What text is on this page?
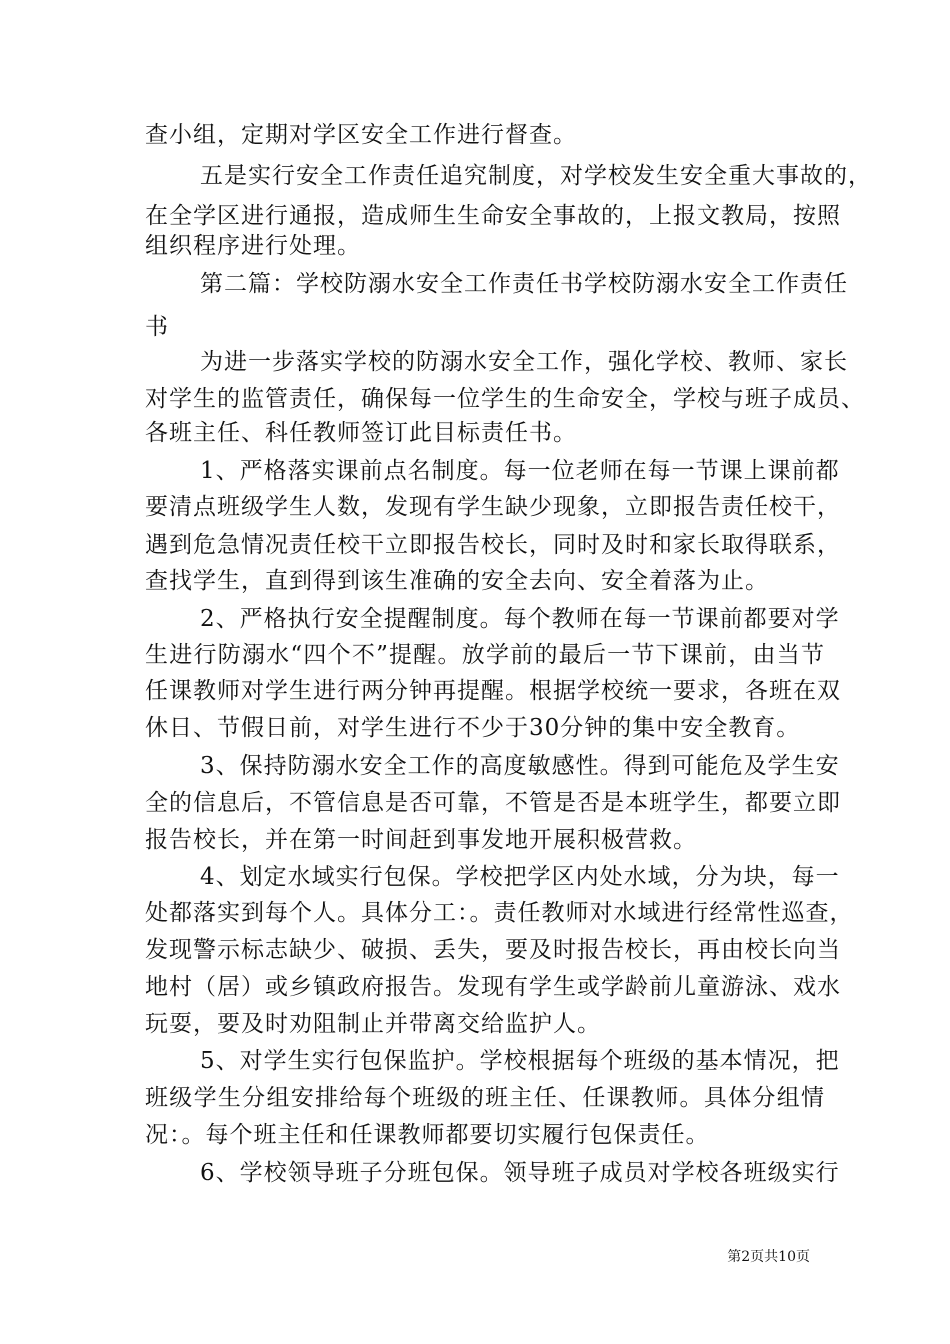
查小组，定期对学区安全工作进行督查。
五是实行安全工作责任追究制度，对学校发生安全重大事故的，
在全学区进行通报，造成师生生命安全事故的，上报文教局，按照
组织程序进行处理。
第二篇：学校防溺水安全工作责任书学校防溺水安全工作责任
书
为进一步落实学校的防溺水安全工作，强化学校、教师、家长
对学生的监管责任，确保每一位学生的生命安全，学校与班子成员、
各班主任、科任教师签订此目标责任书。
1、严格落实课前点名制度。每一位老师在每一节课上课前都
要清点班级学生人数，发现有学生缺少现象，立即报告责任校干，
遇到危急情况责任校干立即报告校长，同时及时和家长取得联系，
查找学生，直到得到该生准确的安全去向、安全着落为止。
2、严格执行安全提醒制度。每个教师在每一节课前都要对学
生进行防溺水“四个不”提醒。放学前的最后一节下课前，由当节
任课教师对学生进行两分钟再提醒。根据学校统一要求，各班在双
休日、节假日前，对学生进行不少于30分钟的集中安全教育。
3、保持防溺水安全工作的高度敏感性。得到可能危及学生安
全的信息后，不管信息是否可靠，不管是否是本班学生，都要立即
报告校长，并在第一时间赶到事发地开展积极营救。
4、划定水域实行包保。学校把学区内处水域，分为块，每一
处都落实到每个人。具体分工：。责任教师对水域进行经常性巡查，
发现警示标志缺少、破损、丢失，要及时报告校长，再由校长向当
地村（居）或乡镇政府报告。发现有学生或学龄前儿童游泳、戏水
玩耍，要及时劝阻制止并带离交给监护人。
5、对学生实行包保监护。学校根据每个班级的基本情况，把
班级学生分组安排给每个班级的班主任、任课教师。具体分组情
况：。每个班主任和任课教师都要切实履行包保责任。
6、学校领导班子分班包保。领导班子成员对学校各班级实行
第2页共10页
